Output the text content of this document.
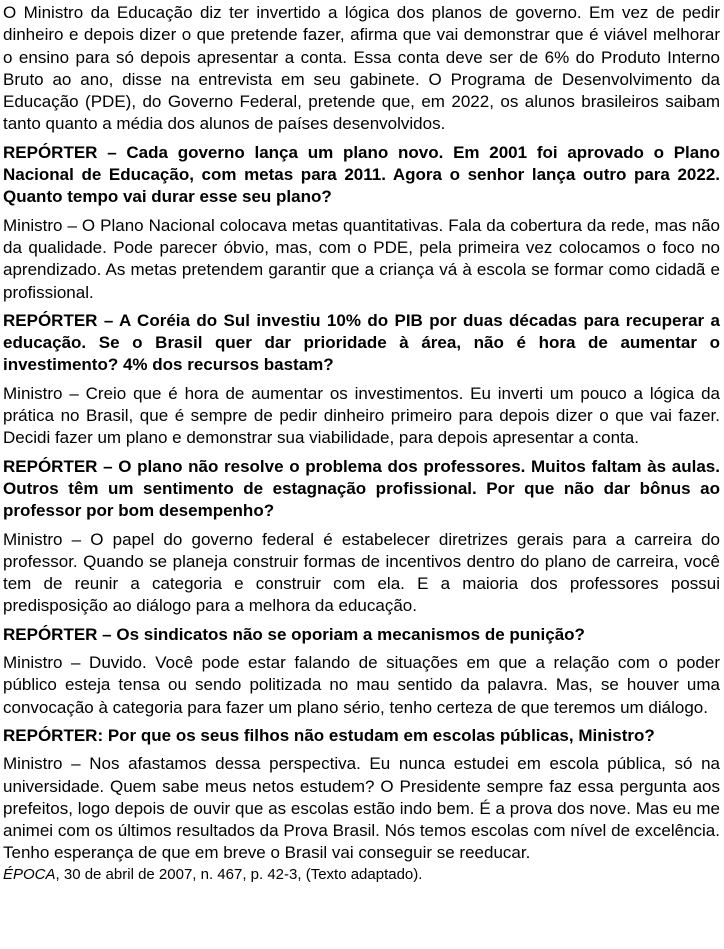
O Ministro da Educação diz ter invertido a lógica dos planos de governo. Em vez de pedir dinheiro e depois dizer o que pretende fazer, afirma que vai demonstrar que é viável melhorar o ensino para só depois apresentar a conta. Essa conta deve ser de 6% do Produto Interno Bruto ao ano, disse na entrevista em seu gabinete. O Programa de Desenvolvimento da Educação (PDE), do Governo Federal, pretende que, em 2022, os alunos brasileiros saibam tanto quanto a média dos alunos de países desenvolvidos.

REPÓRTER – Cada governo lança um plano novo. Em 2001 foi aprovado o Plano Nacional de Educação, com metas para 2011. Agora o senhor lança outro para 2022. Quanto tempo vai durar esse seu plano?

Ministro – O Plano Nacional colocava metas quantitativas. Fala da cobertura da rede, mas não da qualidade. Pode parecer óbvio, mas, com o PDE, pela primeira vez colocamos o foco no aprendizado. As metas pretendem garantir que a criança vá à escola se formar como cidadã e profissional.

REPÓRTER – A Coréia do Sul investiu 10% do PIB por duas décadas para recuperar a educação. Se o Brasil quer dar prioridade à área, não é hora de aumentar o investimento? 4% dos recursos bastam?

Ministro – Creio que é hora de aumentar os investimentos. Eu inverti um pouco a lógica da prática no Brasil, que é sempre de pedir dinheiro primeiro para depois dizer o que vai fazer. Decidi fazer um plano e demonstrar sua viabilidade, para depois apresentar a conta.

REPÓRTER – O plano não resolve o problema dos professores. Muitos faltam às aulas. Outros têm um sentimento de estagnação profissional. Por que não dar bônus ao professor por bom desempenho?

Ministro – O papel do governo federal é estabelecer diretrizes gerais para a carreira do professor. Quando se planeja construir formas de incentivos dentro do plano de carreira, você tem de reunir a categoria e construir com ela. E a maioria dos professores possui predisposição ao diálogo para a melhora da educação.

REPÓRTER – Os sindicatos não se oporiam a mecanismos de punição?

Ministro – Duvido. Você pode estar falando de situações em que a relação com o poder público esteja tensa ou sendo politizada no mau sentido da palavra. Mas, se houver uma convocação à categoria para fazer um plano sério, tenho certeza de que teremos um diálogo.

REPÓRTER: Por que os seus filhos não estudam em escolas públicas, Ministro?

Ministro – Nos afastamos dessa perspectiva. Eu nunca estudei em escola pública, só na universidade. Quem sabe meus netos estudem? O Presidente sempre faz essa pergunta aos prefeitos, logo depois de ouvir que as escolas estão indo bem. É a prova dos nove. Mas eu me animei com os últimos resultados da Prova Brasil. Nós temos escolas com nível de excelência. Tenho esperança de que em breve o Brasil vai conseguir se reeducar.

ÉPOCA, 30 de abril de 2007, n. 467, p. 42-3, (Texto adaptado).
